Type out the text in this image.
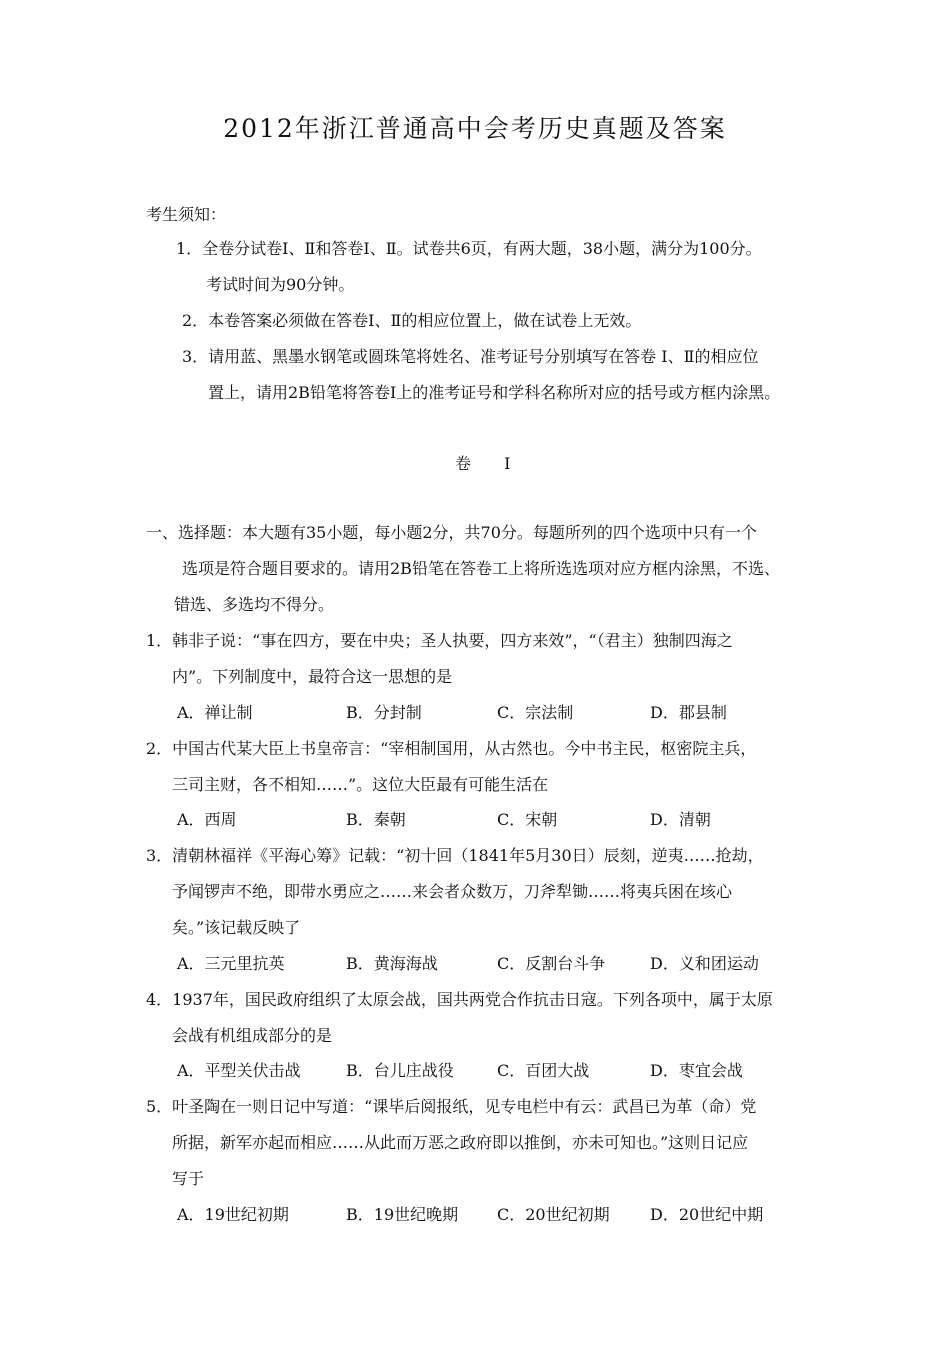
2012年浙江普通高中会考历史真题及答案
考生须知：
1．全卷分试卷Ⅰ、Ⅱ和答卷Ⅰ、Ⅱ。试卷共6页，有两大题，38小题，满分为100分。
考试时间为90分钟。
2．本卷答案必须做在答卷Ⅰ、Ⅱ的相应位置上，做在试卷上无效。
3．请用蓝、黑墨水钢笔或圆珠笔将姓名、准考证号分别填写在答卷 Ⅰ、Ⅱ的相应位
置上，请用2B铅笔将答卷Ⅰ上的准考证号和学科名称所对应的括号或方框内涂黑。
卷 Ⅰ
一、选择题：本大题有35小题，每小题2分，共70分。每题所列的四个选项中只有一个
选项是符合题目要求的。请用2B铅笔在答卷工上将所选选项对应方框内涂黑，不选、
错选、多选均不得分。
1．韩非子说：“事在四方，要在中央；圣人执要，四方来效”，“（君主）独制四海之
内”。下列制度中，最符合这一思想的是
A．禅让制	B．分封制	C．宗法制	D．郡县制
2．中国古代某大臣上书皇帝言：“宰相制国用，从古然也。今中书主民，枢密院主兵，
三司主财，各不相知……”。这位大臣最有可能生活在
A．西周	B．秦朝	C．宋朝	D．清朝
3．清朝林福祥《平海心筹》记载：“初十回（1841年5月30日）辰刻，逆夷……抢劫，
予闻锣声不绝，即带水勇应之……来会者众数万，刀斧犁锄……将夷兵困在垓心
矣。”该记载反映了
A．三元里抗英	B．黄海海战	C．反割台斗争	D．义和团运动
4．1937年，国民政府组织了太原会战，国共两党合作抗击日寇。下列各项中，属于太原
会战有机组成部分的是
A．平型关伏击战	B．台儿庄战役	C．百团大战	D．枣宜会战
5．叶圣陶在一则日记中写道：“课毕后阅报纸，见专电栏中有云：武昌已为革（命）党
所据，新军亦起而相应……从此而万恶之政府即以推倒，亦未可知也。”这则日记应
写于
A．19世纪初期	B．19世纪晚期 C．20世纪初期	D．20世纪中期
